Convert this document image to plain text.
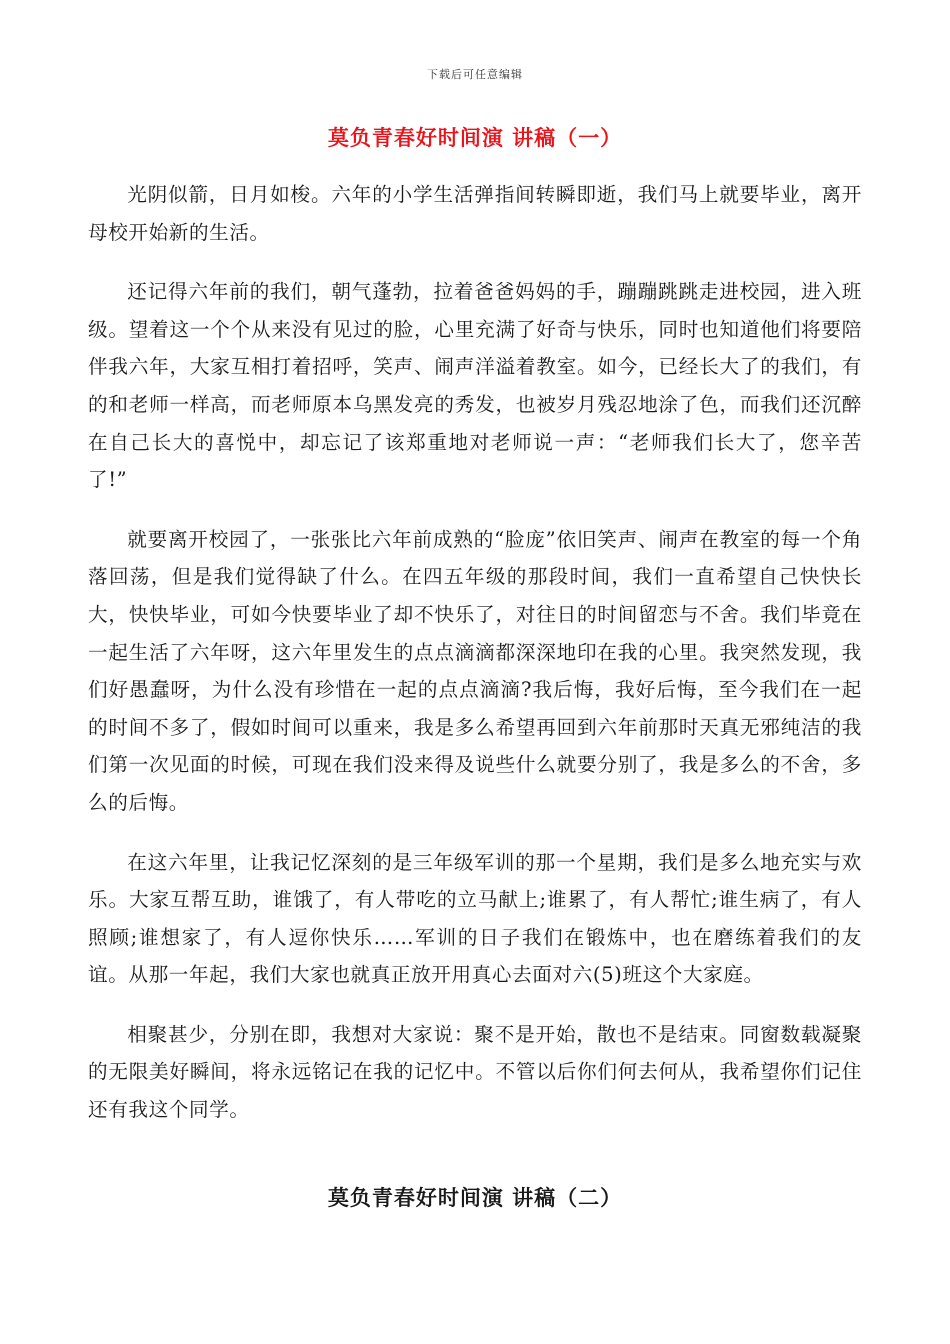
下载后可任意编辑
莫负青春好时间演 讲稿（一）

光阴似箭，日月如梭。六年的小学生活弹指间转瞬即逝，我们马上就要毕业，离开母校开始新的生活。

还记得六年前的我们，朝气蓬勃，拉着爸爸妈妈的手，蹦蹦跳跳走进校园，进入班级。望着这一个个从来没有见过的脸，心里充满了好奇与快乐，同时也知道他们将要陪伴我六年，大家互相打着招呼，笑声、闹声洋溢着教室。如今，已经长大了的我们，有的和老师一样高，而老师原本乌黑发亮的秀发，也被岁月残忍地涂了色，而我们还沉醉在自己长大的喜悦中，却忘记了该郑重地对老师说一声：“老师我们长大了，您辛苦了!”

就要离开校园了，一张张比六年前成熟的“脸庞”依旧笑声、闹声在教室的每一个角落回荡，但是我们觉得缺了什么。在四五年级的那段时间，我们一直希望自己快快长大，快快毕业，可如今快要毕业了却不快乐了，对往日的时间留恋与不舍。我们毕竟在一起生活了六年呀，这六年里发生的点点滴滴都深深地印在我的心里。我突然发现，我们好愚蠢呀，为什么没有珍惜在一起的点点滴滴?我后悔，我好后悔，至今我们在一起的时间不多了，假如时间可以重来，我是多么希望再回到六年前那时天真无邪纯洁的我们第一次见面的时候，可现在我们没来得及说些什么就要分别了，我是多么的不舍，多么的后悔。

在这六年里，让我记忆深刻的是三年级军训的那一个星期，我们是多么地充实与欢乐。大家互帮互助，谁饿了，有人带吃的立马献上;谁累了，有人帮忙;谁生病了，有人照顾;谁想家了，有人逗你快乐……军训的日子我们在锻炼中，也在磨练着我们的友谊。从那一年起，我们大家也就真正放开用真心去面对六(5)班这个大家庭。

相聚甚少，分别在即，我想对大家说：聚不是开始，散也不是结束。同窗数载凝聚的无限美好瞬间，将永远铭记在我的记忆中。不管以后你们何去何从，我希望你们记住还有我这个同学。

莫负青春好时间演 讲稿（二）
